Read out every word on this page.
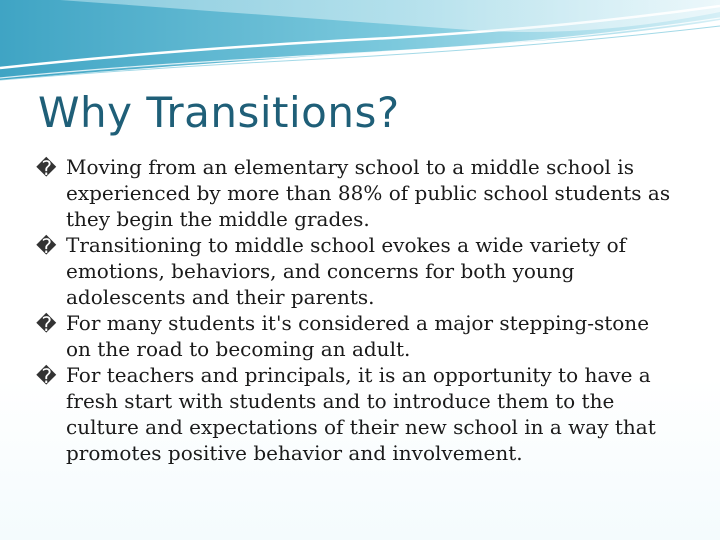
Why Transitions?
� Moving from an elementary school to a middle school is experienced by more than 88% of public school students as they begin the middle grades.
� Transitioning to middle school evokes a wide variety of emotions, behaviors, and concerns for both young adolescents and their parents.
� For many students it's considered a major stepping-stone on the road to becoming an adult.
� For teachers and principals, it is an opportunity to have a fresh start with students and to introduce them to the culture and expectations of their new school in a way that promotes positive behavior and involvement.
